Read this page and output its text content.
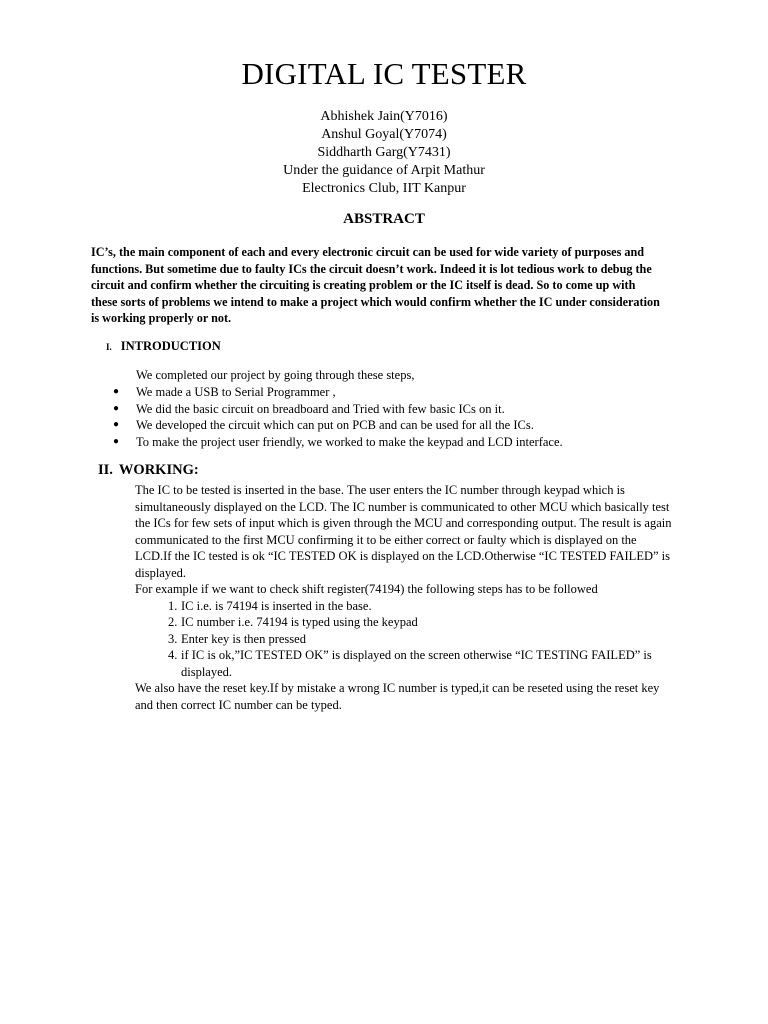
DIGITAL IC TESTER
Abhishek Jain(Y7016)
Anshul Goyal(Y7074)
Siddharth Garg(Y7431)
Under the guidance of Arpit Mathur
Electronics Club, IIT Kanpur
ABSTRACT
IC’s, the main component of each and every electronic circuit can be used for wide variety of purposes and
functions. But sometime due to faulty ICs the circuit doesn’t work. Indeed it is lot tedious work to debug the
circuit and confirm whether the circuiting is creating problem or the IC itself is dead. So to come up with
these sorts of problems we intend to make a project which would confirm whether the IC under consideration
is working properly or not.
I. INTRODUCTION
We completed our project by going through these steps,
● We made a USB to Serial Programmer ,
● We did the basic circuit on breadboard and Tried with few basic ICs on it.
● We developed the circuit which can put on PCB and can be used for all the ICs.
● To make the project user friendly, we worked to make the keypad and LCD interface.
II. WORKING:
The IC to be tested is inserted in the base. The user enters the IC number through keypad which is
simultaneously displayed on the LCD. The IC number is communicated to other MCU which basically test
the ICs for few sets of input which is given through the MCU and corresponding output. The result is again
communicated to the first MCU confirming it to be either correct or faulty which is displayed on the
LCD.If the IC tested is ok “IC TESTED OK is displayed on the LCD.Otherwise “IC TESTED FAILED” is
displayed.
For example if we want to check shift register(74194) the following steps has to be followed
1. IC i.e. is 74194 is inserted in the base.
2. IC number i.e. 74194 is typed using the keypad
3. Enter key is then pressed
4. if IC is ok,”IC TESTED OK” is displayed on the screen otherwise “IC TESTING FAILED” is
displayed.
We also have the reset key.If by mistake a wrong IC number is typed,it can be reseted using the reset key
and then correct IC number can be typed.
